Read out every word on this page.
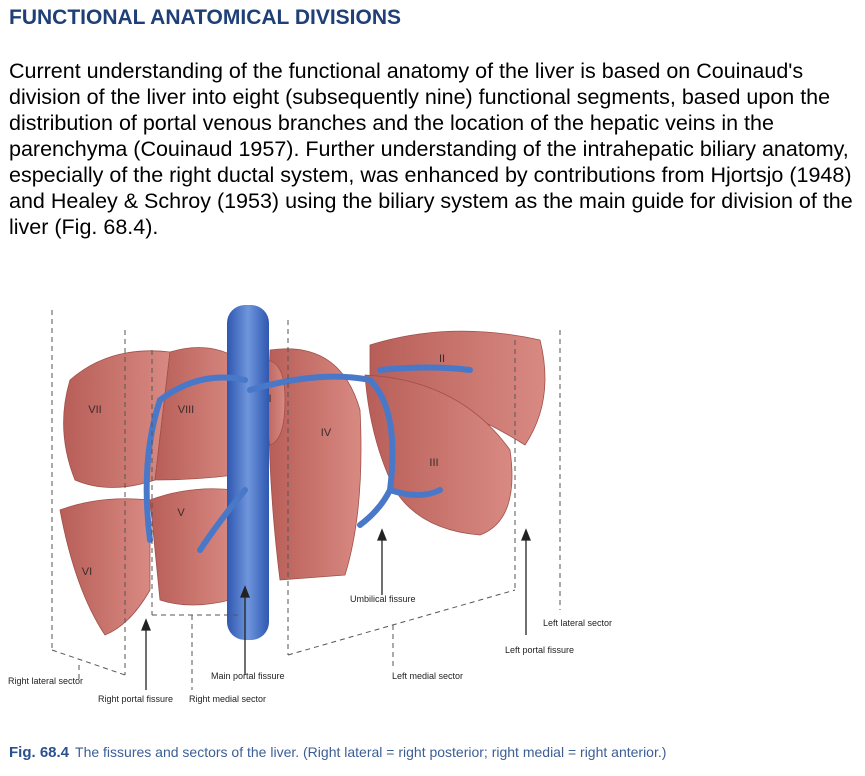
FUNCTIONAL ANATOMICAL DIVISIONS

Current understanding of the functional anatomy of the liver is based on Couinaud's division of the liver into eight (subsequently nine) functional segments, based upon the distribution of portal venous branches and the location of the hepatic veins in the parenchyma (Couinaud 1957). Further understanding of the intrahepatic biliary anatomy, especially of the right ductal system, was enhanced by contributions from Hjortsjo (1948) and Healey & Schroy (1953) using the biliary system as the main guide for division of the liver (Fig. 68.4).

VII	VIII
I
IV
II
III
V
VI
Umbilical fissure
Left lateral sector
Left portal fissure
Main portal fissure	Left medial sector
Right lateral sector
Right portal fissure Right medial sector
Fig. 68.4 The fissures and sectors of the liver. (Right lateral = right posterior; right medial = right anterior.)
